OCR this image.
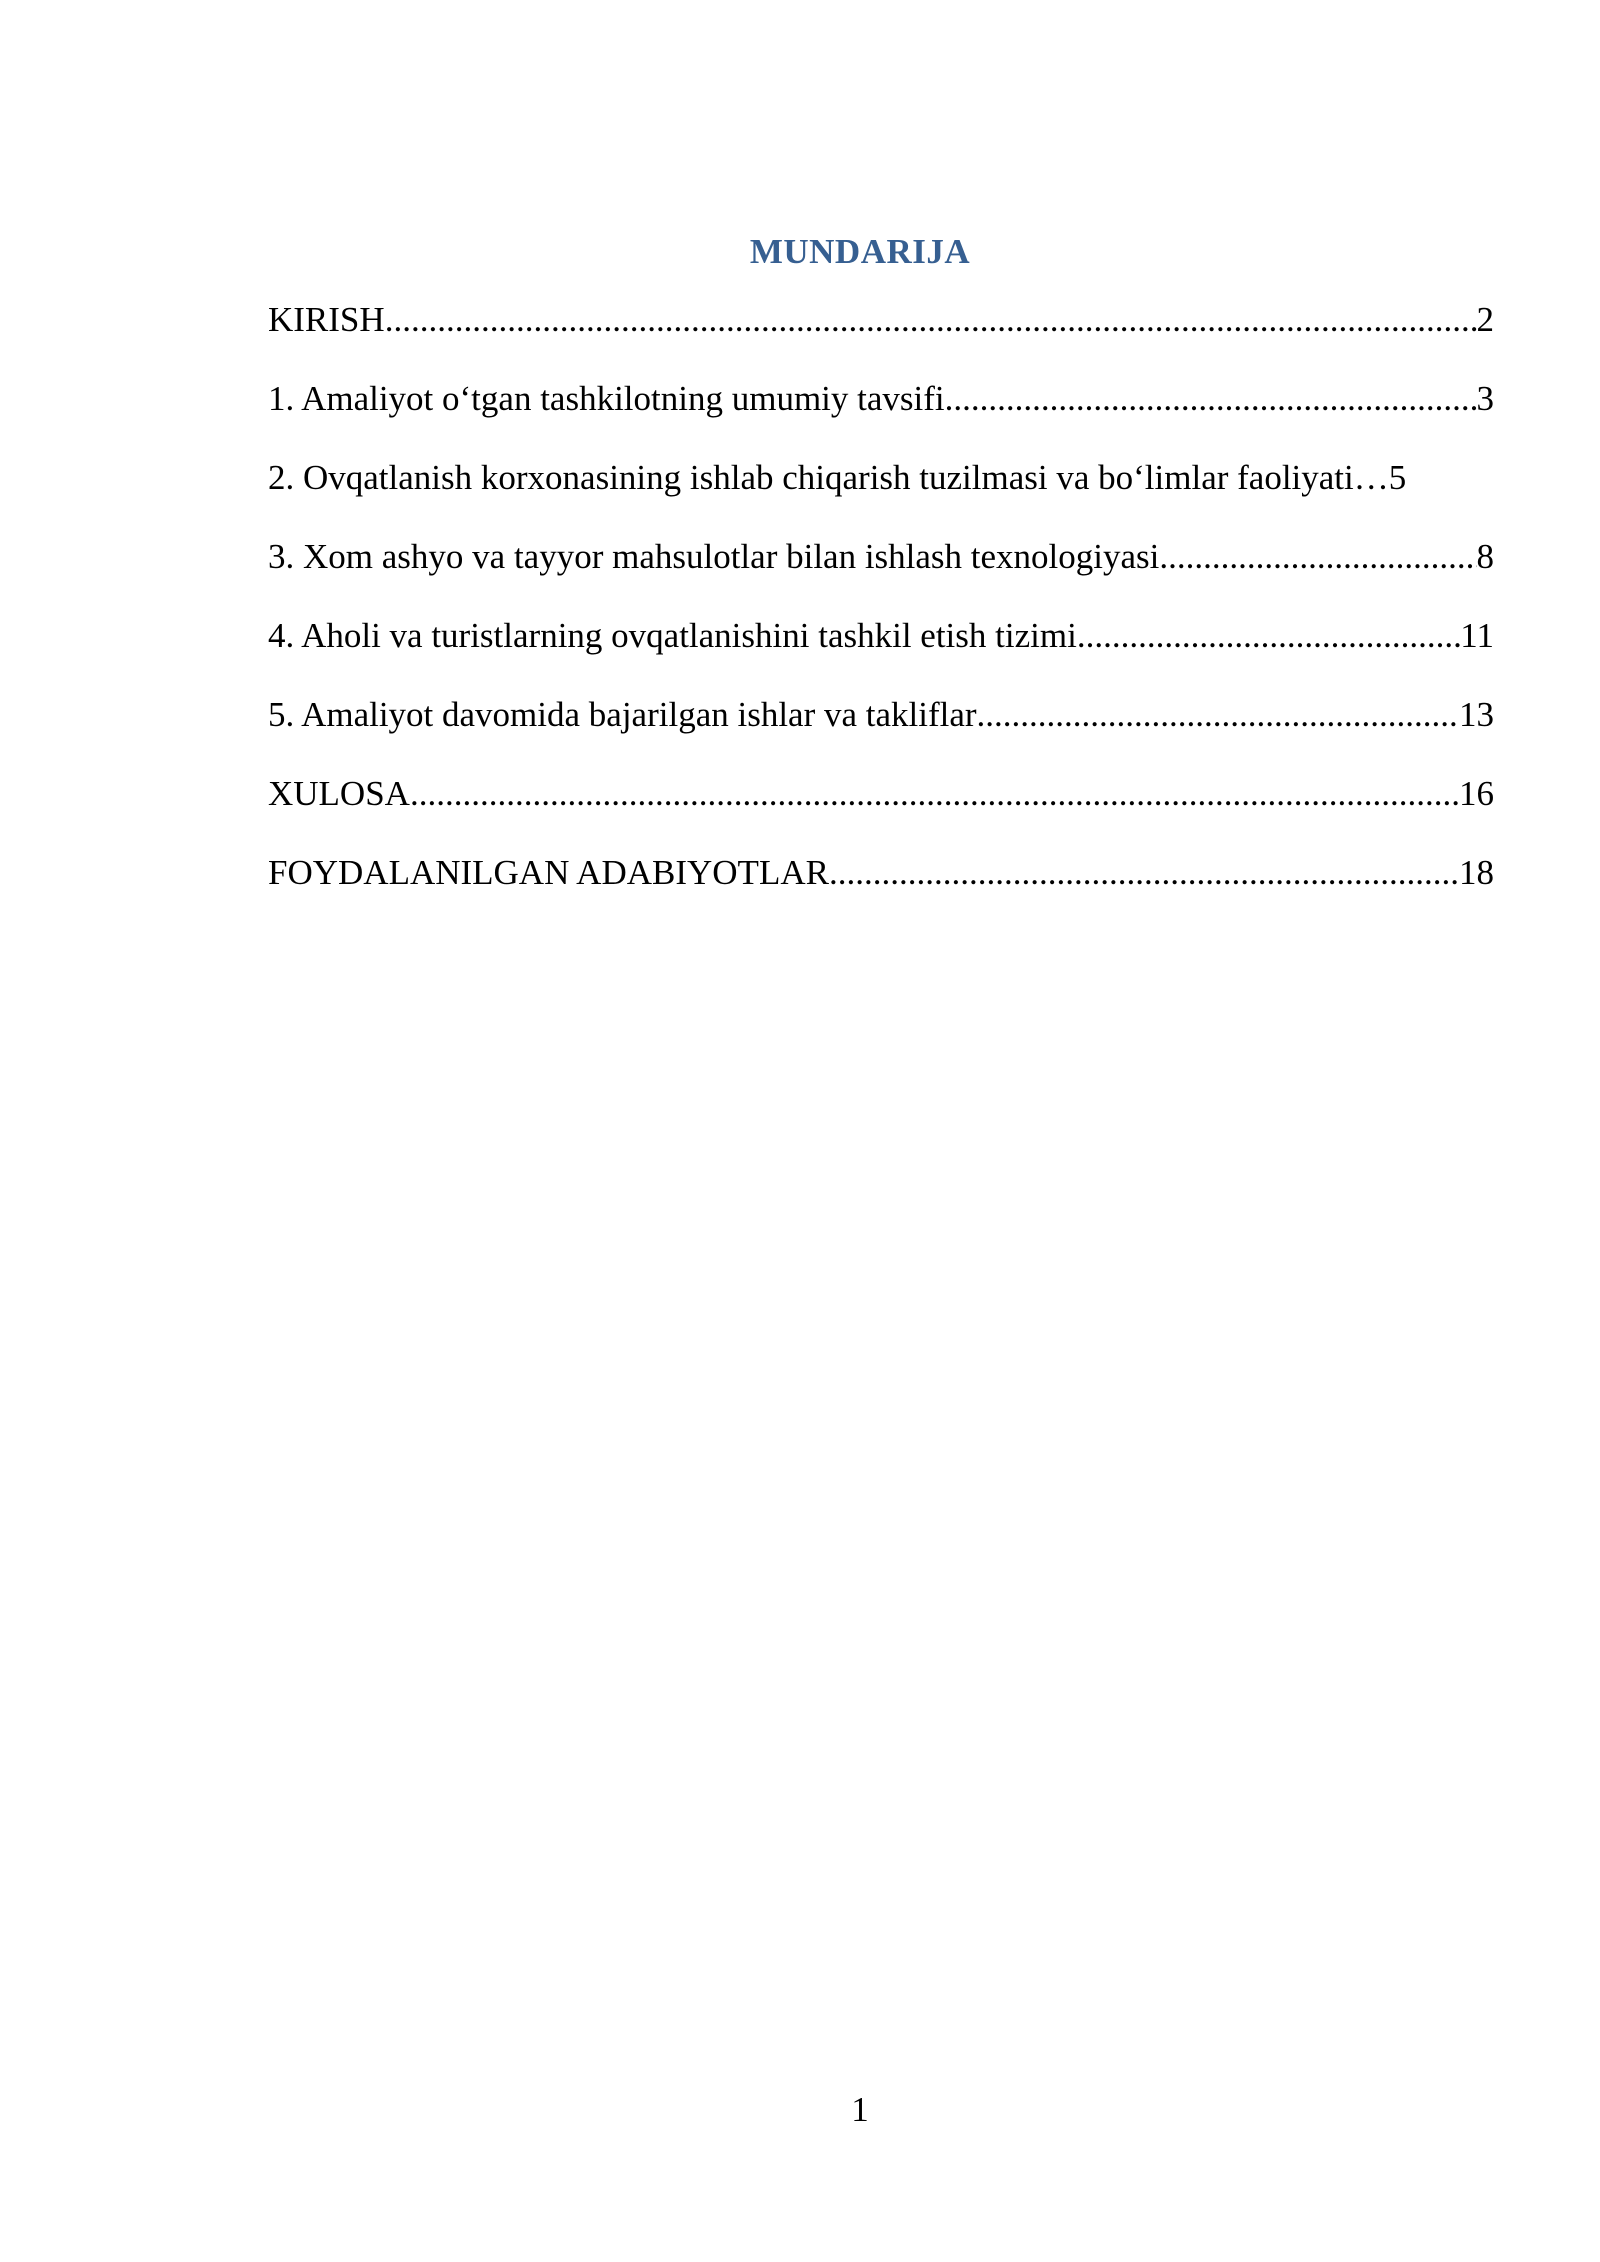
MUNDARIJA
KIRISH .....	2
1. Amaliyot o‘tgan tashkilotning umumiy tavsifi .....	3
2. Ovqatlanish korxonasining ishlab chiqarish tuzilmasi va bo‘limlar faoliyati … 5
3. Xom ashyo va tayyor mahsulotlar bilan ishlash texnologiyasi .....	8
4. Aholi va turistlarning ovqatlanishini tashkil etish tizimi .....	11
5. Amaliyot davomida bajarilgan ishlar va takliflar .....	13
XULOSA .....	16
FOYDALANILGAN ADABIYOTLAR .....	18
1
